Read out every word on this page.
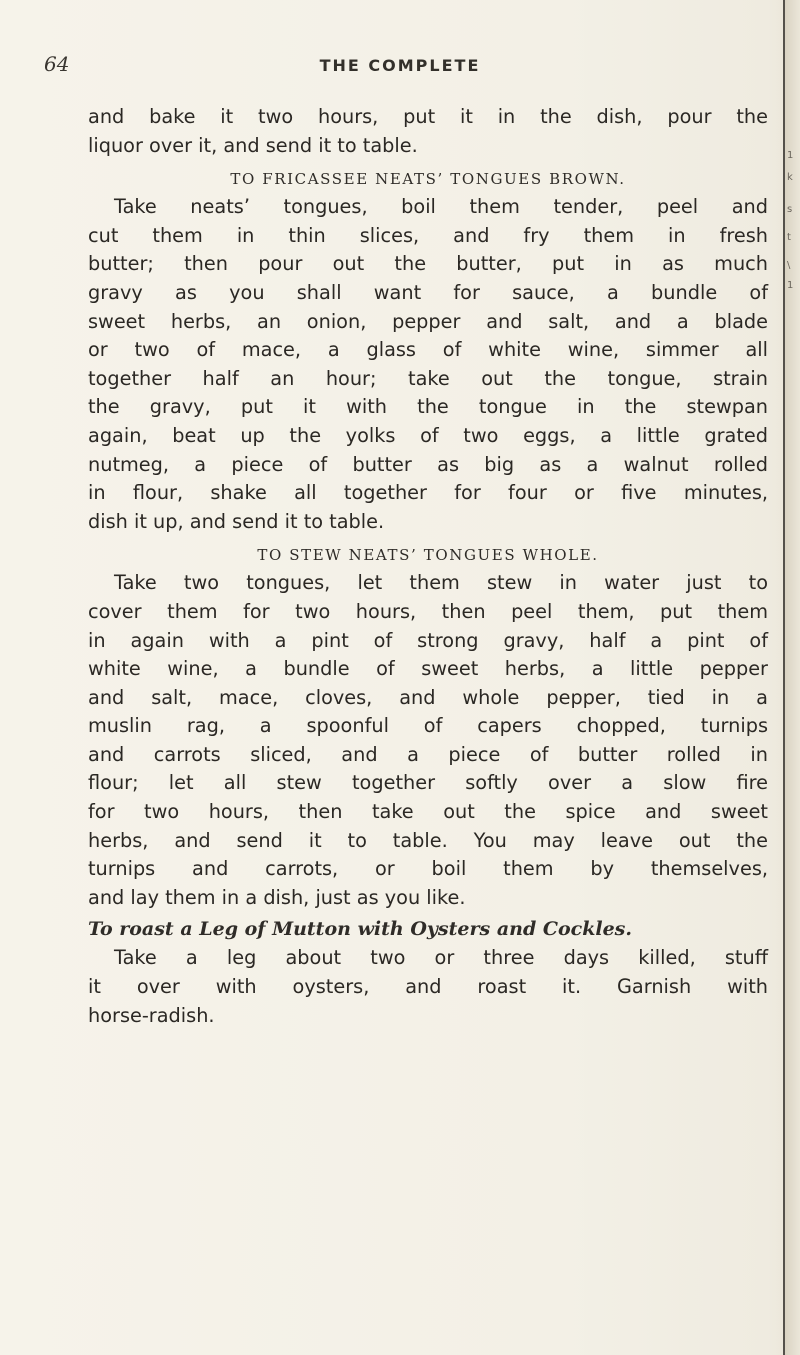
1
k
s
t
\
1
64	THE COMPLETE
and bake it two hours, put it in the dish, pour the
liquor over it, and send it to table.
TO FRICASSEE NEATS’ TONGUES BROWN.
Take neats’ tongues, boil them tender, peel and
cut them in thin slices, and fry them in fresh
butter; then pour out the butter, put in as much
gravy as you shall want for sauce, a bundle of
sweet herbs, an onion, pepper and salt, and a blade
or two of mace, a glass of white wine, simmer all
together half an hour; take out the tongue, strain
the gravy, put it with the tongue in the stewpan
again, beat up the yolks of two eggs, a little grated
nutmeg, a piece of butter as big as a walnut rolled
in flour, shake all together for four or five minutes,
dish it up, and send it to table.
TO STEW NEATS’ TONGUES WHOLE.
Take two tongues, let them stew in water just to
cover them for two hours, then peel them, put them
in again with a pint of strong gravy, half a pint of
white wine, a bundle of sweet herbs, a little pepper
and salt, mace, cloves, and whole pepper, tied in a
muslin rag, a spoonful of capers chopped, turnips
and carrots sliced, and a piece of butter rolled in
flour; let all stew together softly over a slow fire
for two hours, then take out the spice and sweet
herbs, and send it to table. You may leave out the
turnips and carrots, or boil them by themselves,
and lay them in a dish, just as you like.
To roast a Leg of Mutton with Oysters and Cockles.
Take a leg about two or three days killed, stuff
it over with oysters, and roast it. Garnish with
horse-radish.
